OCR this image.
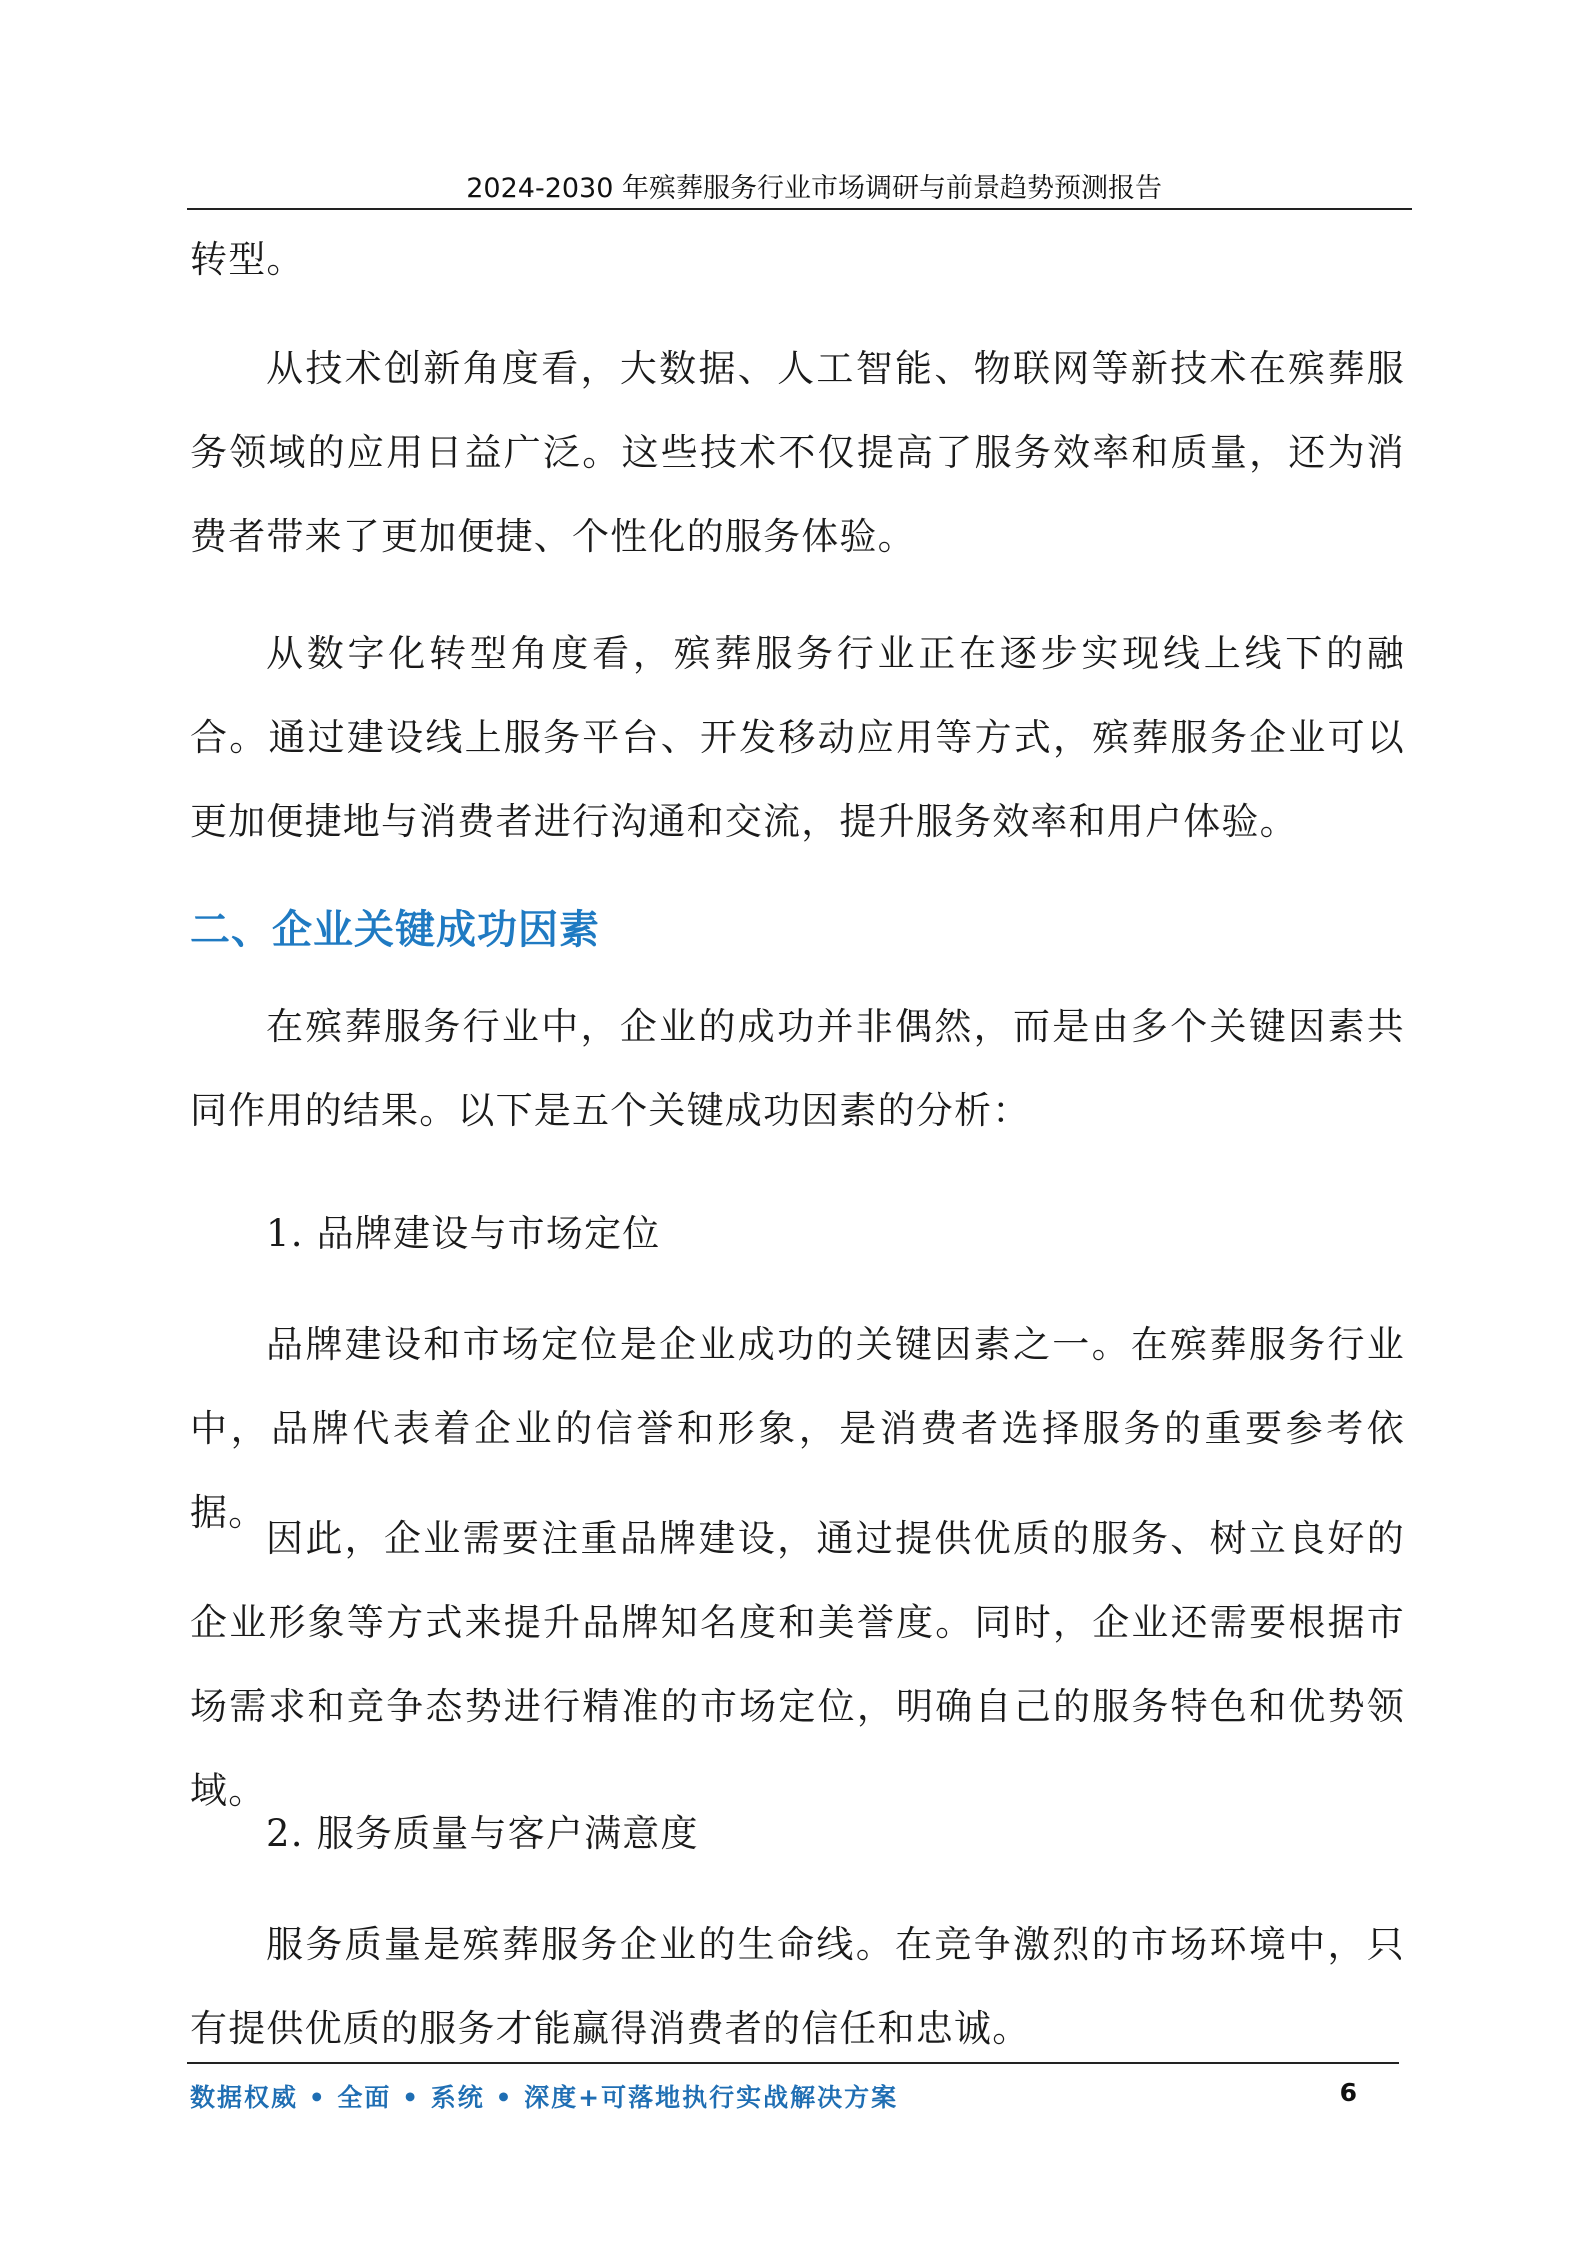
2024-2030 年殡葬服务行业市场调研与前景趋势预测报告

转型。

从技术创新角度看，大数据、人工智能、物联网等新技术在殡葬服务领域的应用日益广泛。这些技术不仅提高了服务效率和质量，还为消费者带来了更加便捷、个性化的服务体验。

从数字化转型角度看，殡葬服务行业正在逐步实现线上线下的融合。通过建设线上服务平台、开发移动应用等方式，殡葬服务企业可以更加便捷地与消费者进行沟通和交流，提升服务效率和用户体验。

二、企业关键成功因素

在殡葬服务行业中，企业的成功并非偶然，而是由多个关键因素共同作用的结果。以下是五个关键成功因素的分析：

1. 品牌建设与市场定位

品牌建设和市场定位是企业成功的关键因素之一。在殡葬服务行业中，品牌代表着企业的信誉和形象，是消费者选择服务的重要参考依据。

因此，企业需要注重品牌建设，通过提供优质的服务、树立良好的企业形象等方式来提升品牌知名度和美誉度。同时，企业还需要根据市场需求和竞争态势进行精准的市场定位，明确自己的服务特色和优势领域。

2. 服务质量与客户满意度

服务质量是殡葬服务企业的生命线。在竞争激烈的市场环境中，只有提供优质的服务才能赢得消费者的信任和忠诚。

数据权威 • 全面 • 系统 • 深度+可落地执行实战解决方案	6
